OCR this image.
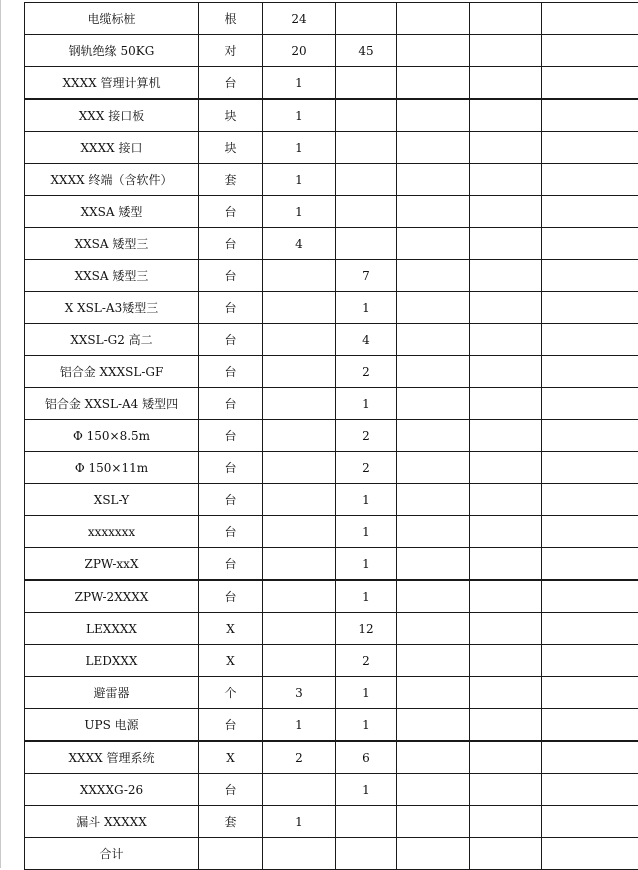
电缆标桩	根	24				
钢轨绝缘 50KG	对	20	45			
XXXX 管理计算机	台	1				
XXX 接口板	块	1				
XXXX 接口	块	1				
XXXX 终端（含软件）	套	1				
XXSA 矮型	台	1				
XXSA 矮型三	台	4				
XXSA 矮型三	台		7			
X XSL-A3矮型三	台		1			
XXSL-G2 高二	台		4			
铝合金 XXXSL-GF	台		2			
铝合金 XXSL-A4 矮型四	台		1			
Φ 150×8.5m	台		2			
Φ 150×11m	台		2			
XSL-Y	台		1			
xxxxxxx	台		1			
ZPW-xxX	台		1			
ZPW-2XXXX	台		1			
LEXXXX	X		12			
LEDXXX	X		2			
避雷器	个	3	1			
UPS 电源	台	1	1			
XXXX 管理系统	X	2	6			
XXXXG-26	台		1			
漏斗 XXXXX	套	1				
合计						
